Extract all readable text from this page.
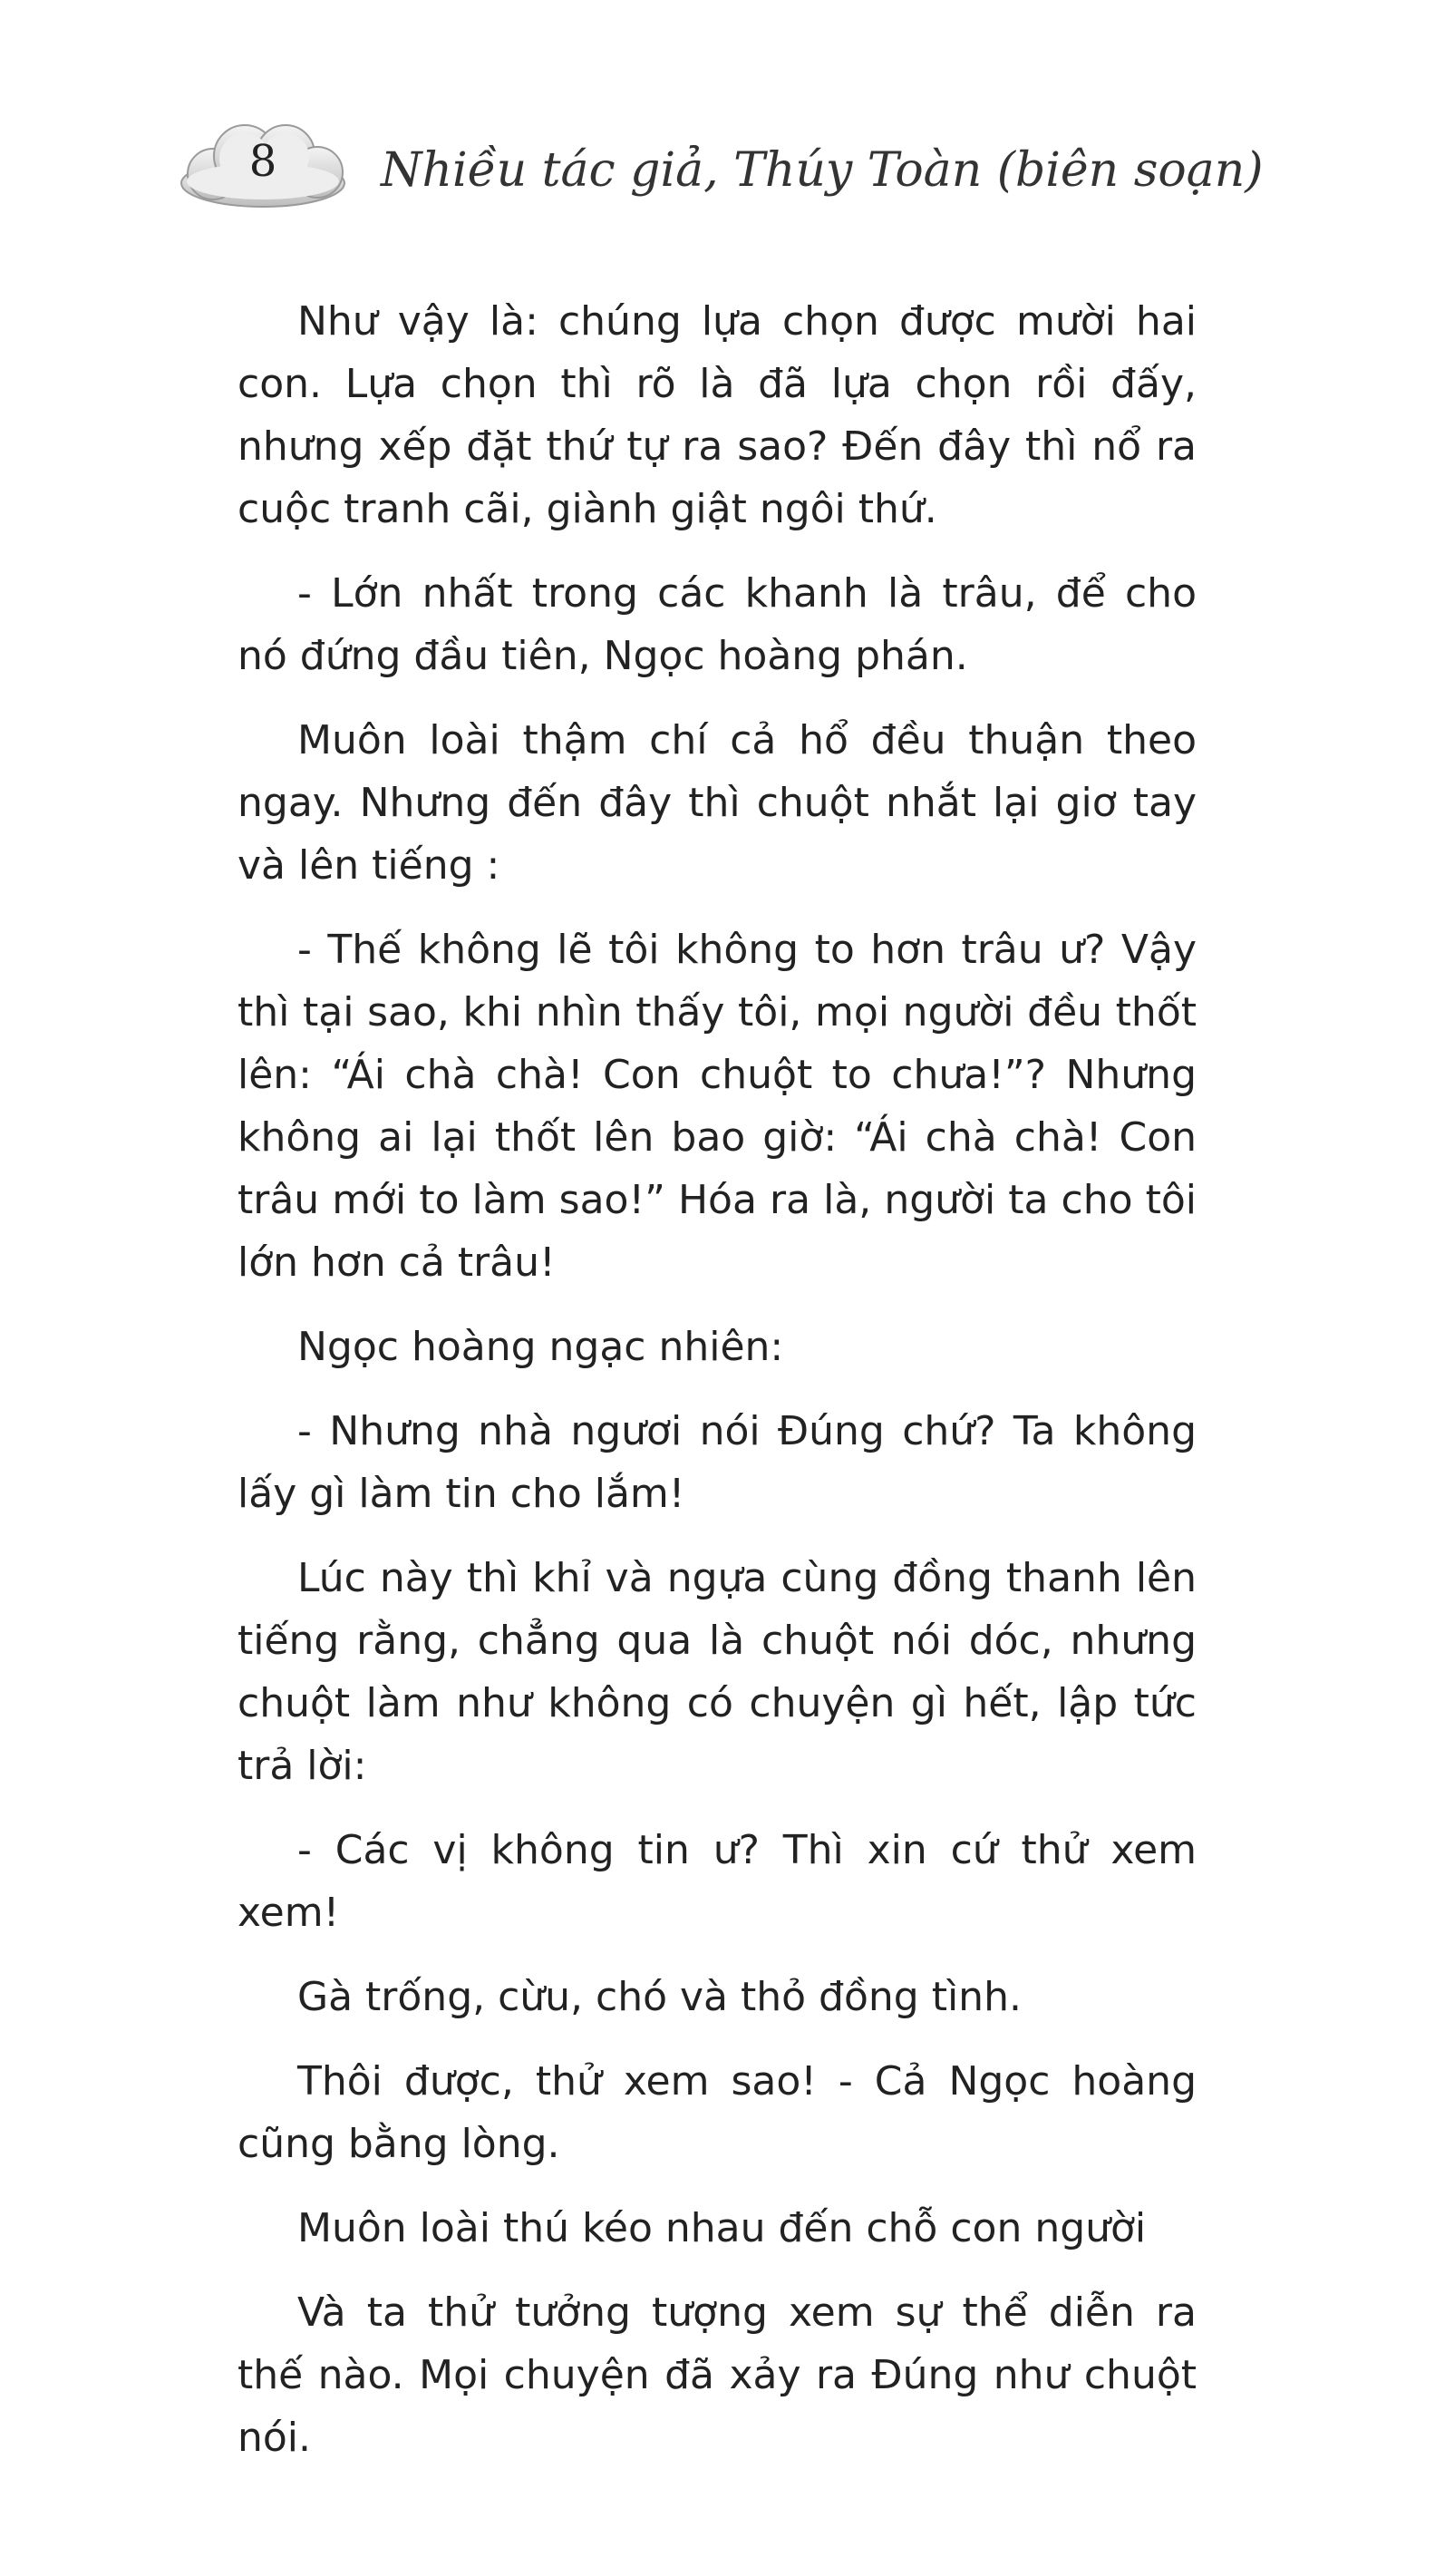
8	Nhiều tác giả, Thúy Toàn (biên soạn)

Như vậy là: chúng lựa chọn được mười hai con. Lựa chọn thì rõ là đã lựa chọn rồi đấy, nhưng xếp đặt thứ tự ra sao? Đến đây thì nổ ra cuộc tranh cãi, giành giật ngôi thứ.

- Lớn nhất trong các khanh là trâu, để cho nó đứng đầu tiên, Ngọc hoàng phán.

Muôn loài thậm chí cả hổ đều thuận theo ngay. Nhưng đến đây thì chuột nhắt lại giơ tay và lên tiếng :

- Thế không lẽ tôi không to hơn trâu ư? Vậy thì tại sao, khi nhìn thấy tôi, mọi người đều thốt lên: “Ái chà chà! Con chuột to chưa!”? Nhưng không ai lại thốt lên bao giờ: “Ái chà chà! Con trâu mới to làm sao!” Hóa ra là, người ta cho tôi lớn hơn cả trâu!

Ngọc hoàng ngạc nhiên:

- Nhưng nhà ngươi nói Đúng chứ? Ta không lấy gì làm tin cho lắm!

Lúc này thì khỉ và ngựa cùng đồng thanh lên tiếng rằng, chẳng qua là chuột nói dóc, nhưng chuột làm như không có chuyện gì hết, lập tức trả lời:

- Các vị không tin ư? Thì xin cứ thử xem xem!

Gà trống, cừu, chó và thỏ đồng tình.

Thôi được, thử xem sao! - Cả Ngọc hoàng cũng bằng lòng.

Muôn loài thú kéo nhau đến chỗ con người

Và ta thử tưởng tượng xem sự thể diễn ra thế nào. Mọi chuyện đã xảy ra Đúng như chuột nói.
